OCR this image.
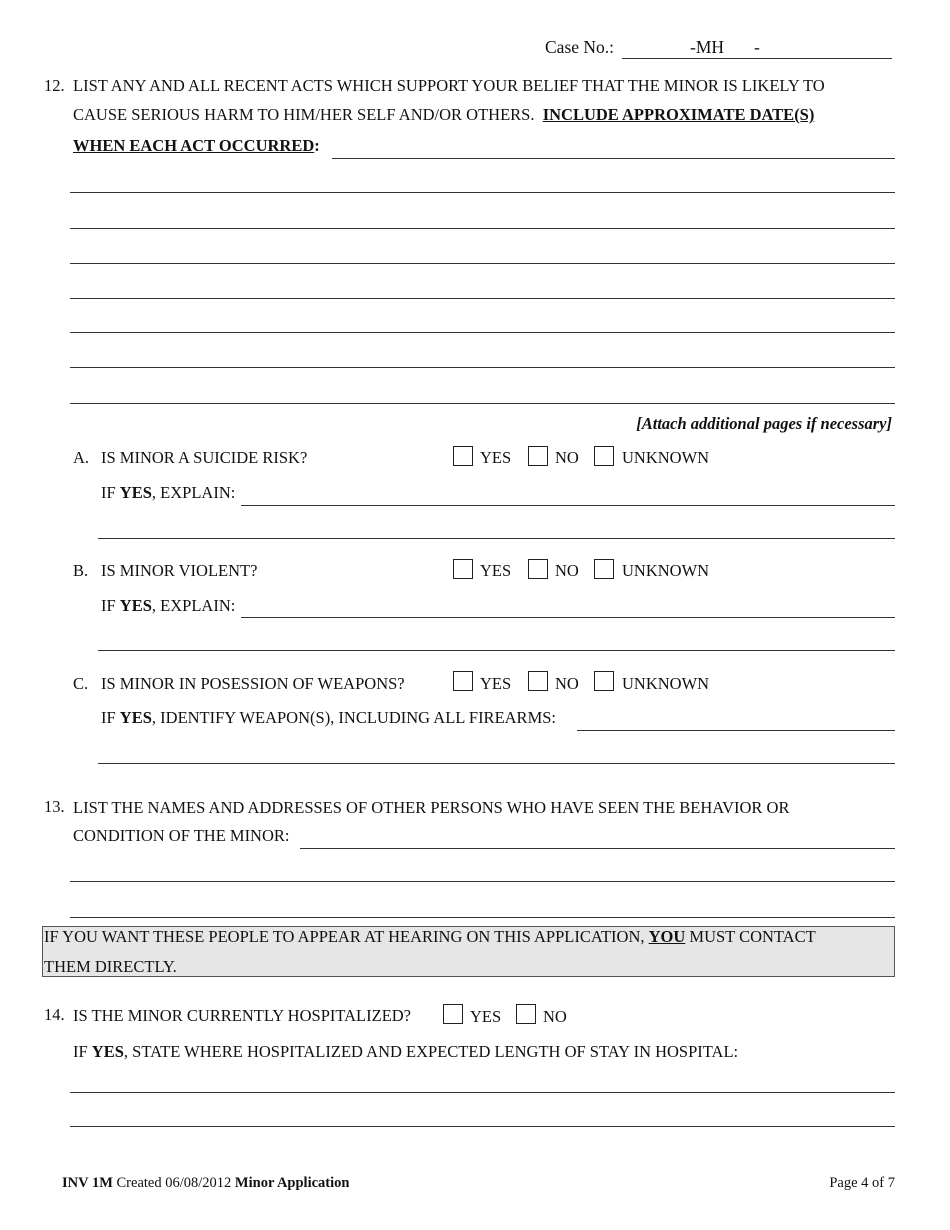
Case No.:	-MH -
12. LIST ANY AND ALL RECENT ACTS WHICH SUPPORT YOUR BELIEF THAT THE MINOR IS LIKELY TO
CAUSE SERIOUS HARM TO HIM/HER SELF AND/OR OTHERS. INCLUDE APPROXIMATE DATE(S)
WHEN EACH ACT OCCURRED:
[Attach additional pages if necessary]
A. IS MINOR A SUICIDE RISK?	YES	NO	UNKNOWN
IF YES, EXPLAIN:
B. IS MINOR VIOLENT?	YES	NO	UNKNOWN
IF YES, EXPLAIN:
C. IS MINOR IN POSESSION OF WEAPONS?	YES	NO	UNKNOWN
IF YES, IDENTIFY WEAPON(S), INCLUDING ALL FIREARMS:
13. LIST THE NAMES AND ADDRESSES OF OTHER PERSONS WHO HAVE SEEN THE BEHAVIOR OR
CONDITION OF THE MINOR:
IF YOU WANT THESE PEOPLE TO APPEAR AT HEARING ON THIS APPLICATION, YOU MUST CONTACT
THEM DIRECTLY.
14. IS THE MINOR CURRENTLY HOSPITALIZED?	YES	NO
IF YES, STATE WHERE HOSPITALIZED AND EXPECTED LENGTH OF STAY IN HOSPITAL:
INV 1M Created 06/08/2012 Minor Application	Page 4 of 7
